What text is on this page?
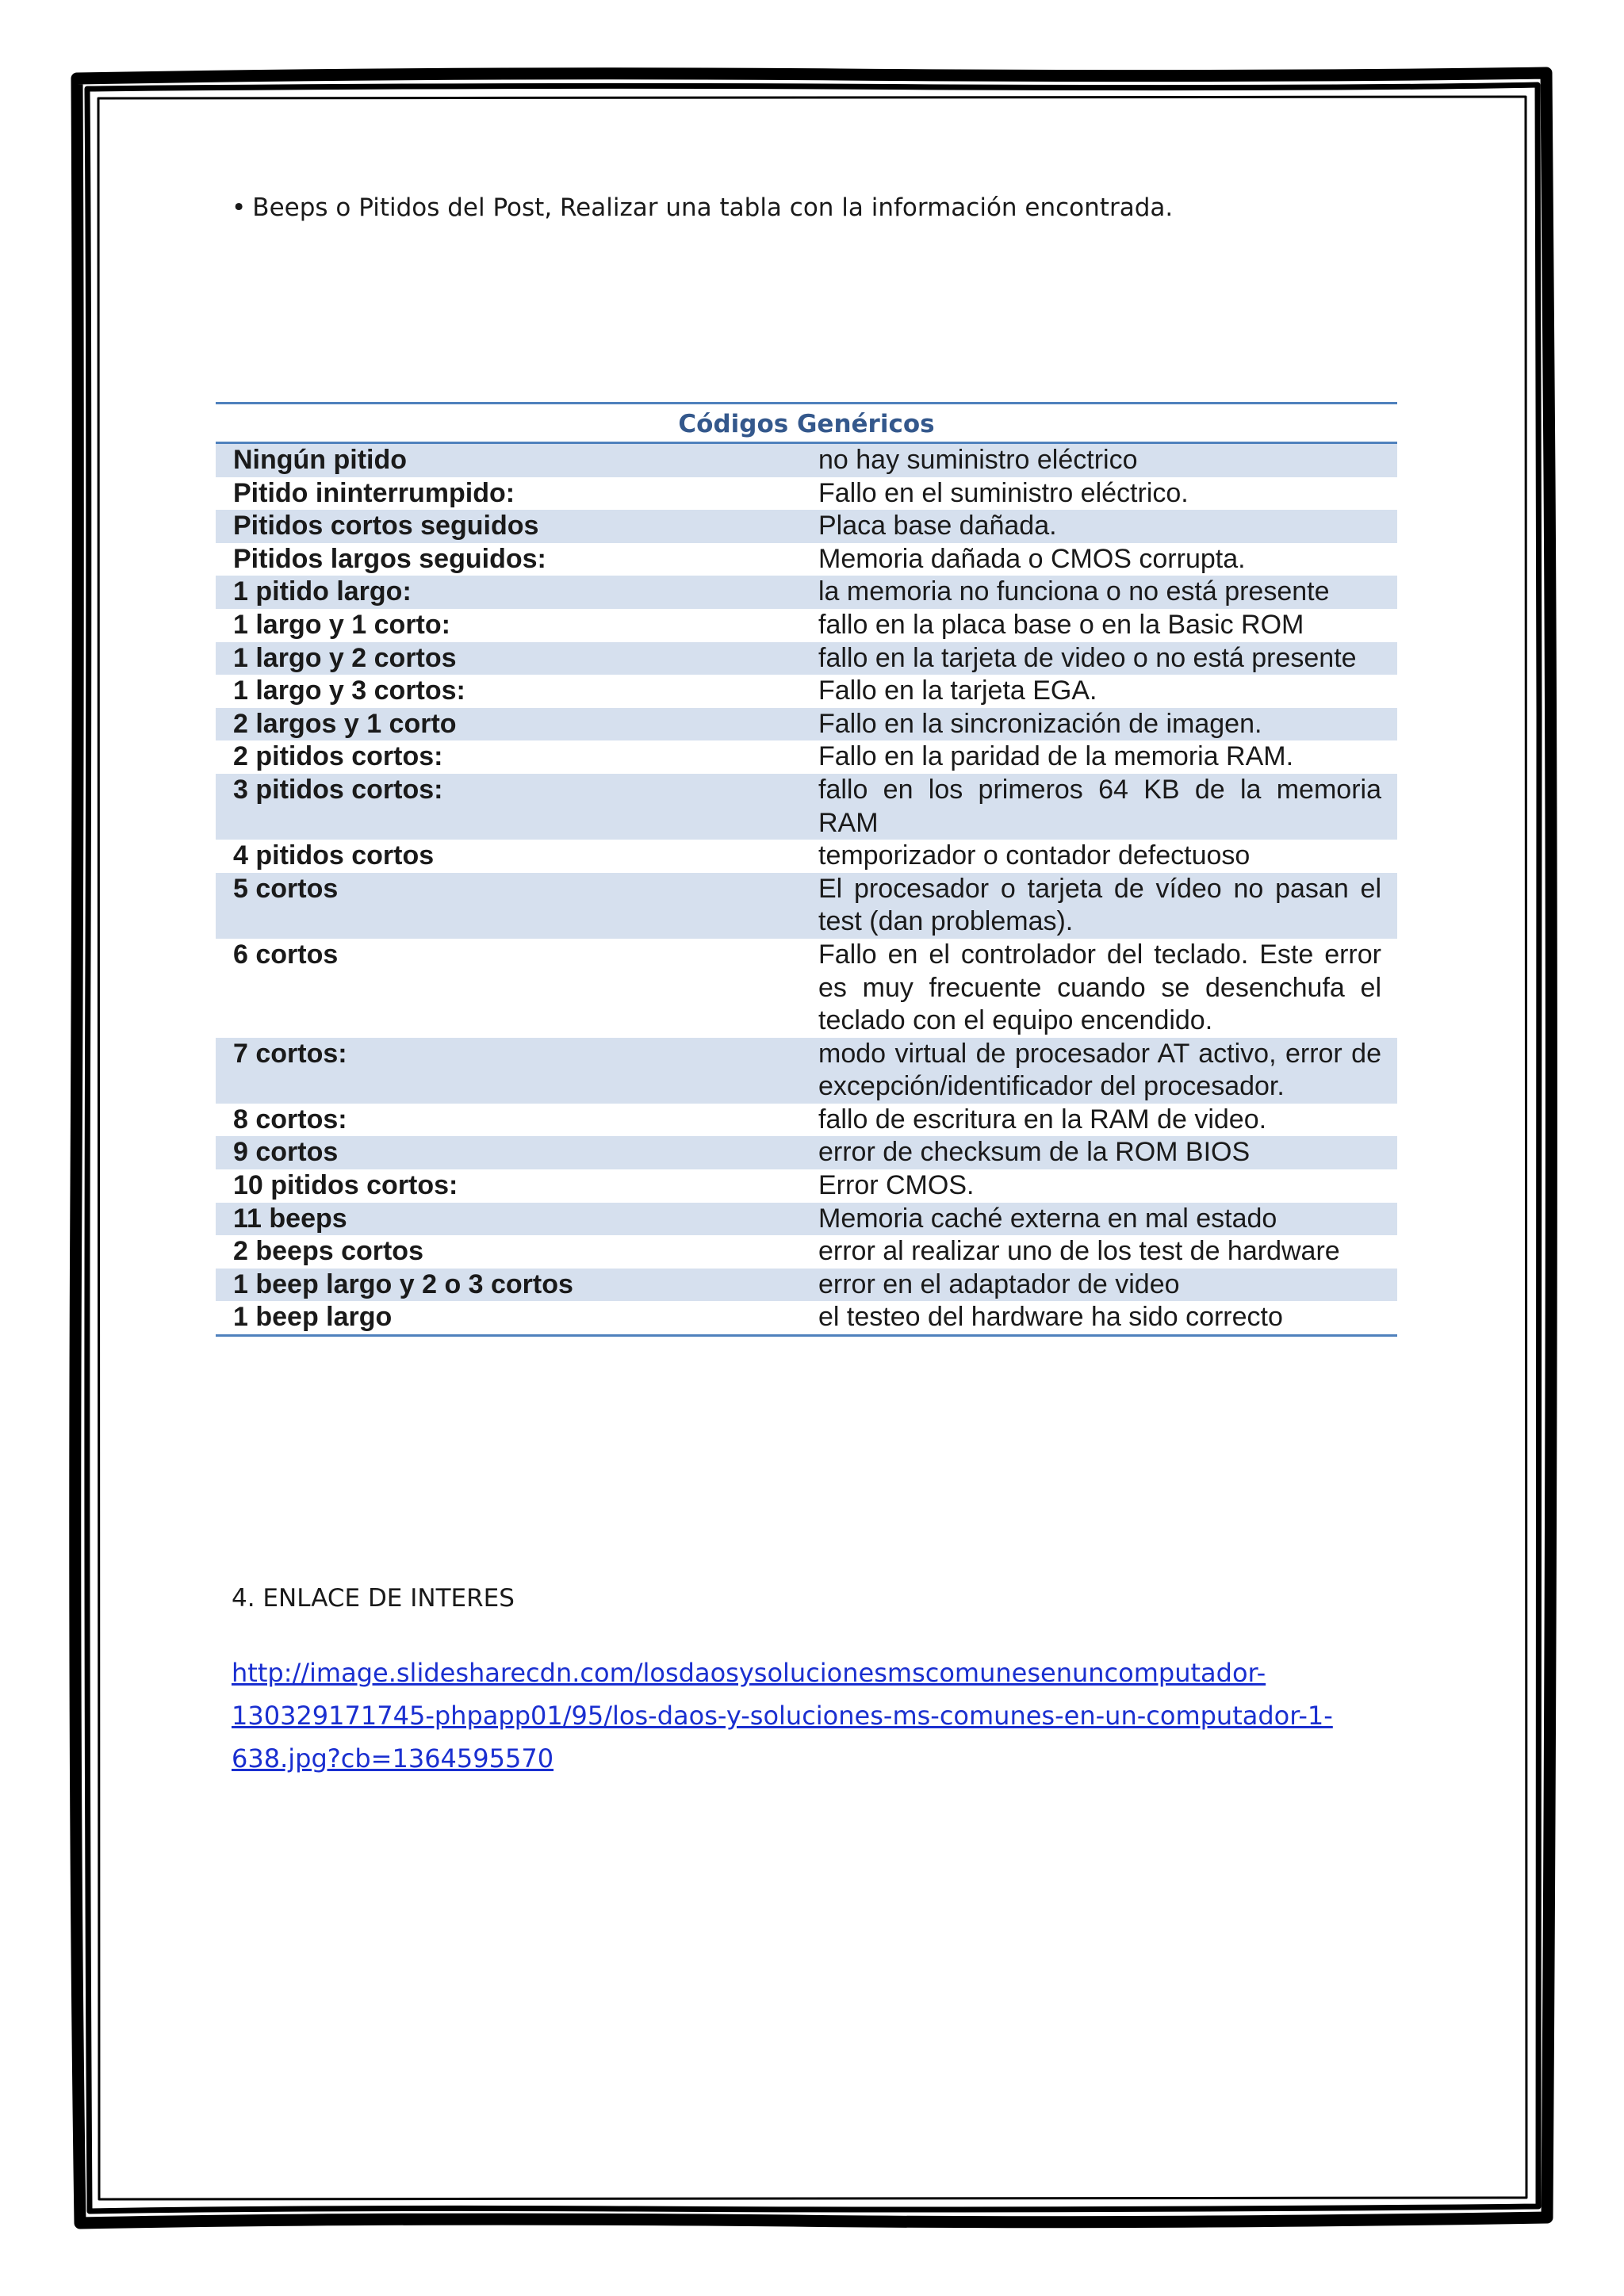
• Beeps o Pitidos del Post, Realizar una tabla con la información encontrada.
Códigos Genéricos
Ningún pitido	no hay suministro eléctrico
Pitido ininterrumpido:	Fallo en el suministro eléctrico.
Pitidos cortos seguidos	Placa base dañada.
Pitidos largos seguidos:	Memoria dañada o CMOS corrupta.
1 pitido largo:	la memoria no funciona o no está presente
1 largo y 1 corto:	fallo en la placa base o en la Basic ROM
1 largo y 2 cortos	fallo en la tarjeta de video o no está presente
1 largo y 3 cortos:	Fallo en la tarjeta EGA.
2 largos y 1 corto	Fallo en la sincronización de imagen.
2 pitidos cortos:	Fallo en la paridad de la memoria RAM.
3 pitidos cortos:	fallo en los primeros 64 KB de la memoria RAM
4 pitidos cortos	temporizador o contador defectuoso
5 cortos	El procesador o tarjeta de vídeo no pasan el test (dan problemas).
6 cortos	Fallo en el controlador del teclado. Este error es muy frecuente cuando se desenchufa el teclado con el equipo encendido.
7 cortos:	modo virtual de procesador AT activo, error de excepción/identificador del procesador.
8 cortos:	fallo de escritura en la RAM de video.
9 cortos	error de checksum de la ROM BIOS
10 pitidos cortos:	Error CMOS.
11 beeps	Memoria caché externa en mal estado
2 beeps cortos	error al realizar uno de los test de hardware
1 beep largo y 2 o 3 cortos	error en el adaptador de video
1 beep largo	el testeo del hardware ha sido correcto
4. ENLACE DE INTERES
http://image.slidesharecdn.com/losdaosysolucionesmscomunesenuncomputador-
130329171745-phpapp01/95/los-daos-y-soluciones-ms-comunes-en-un-computador-1-
638.jpg?cb=1364595570
